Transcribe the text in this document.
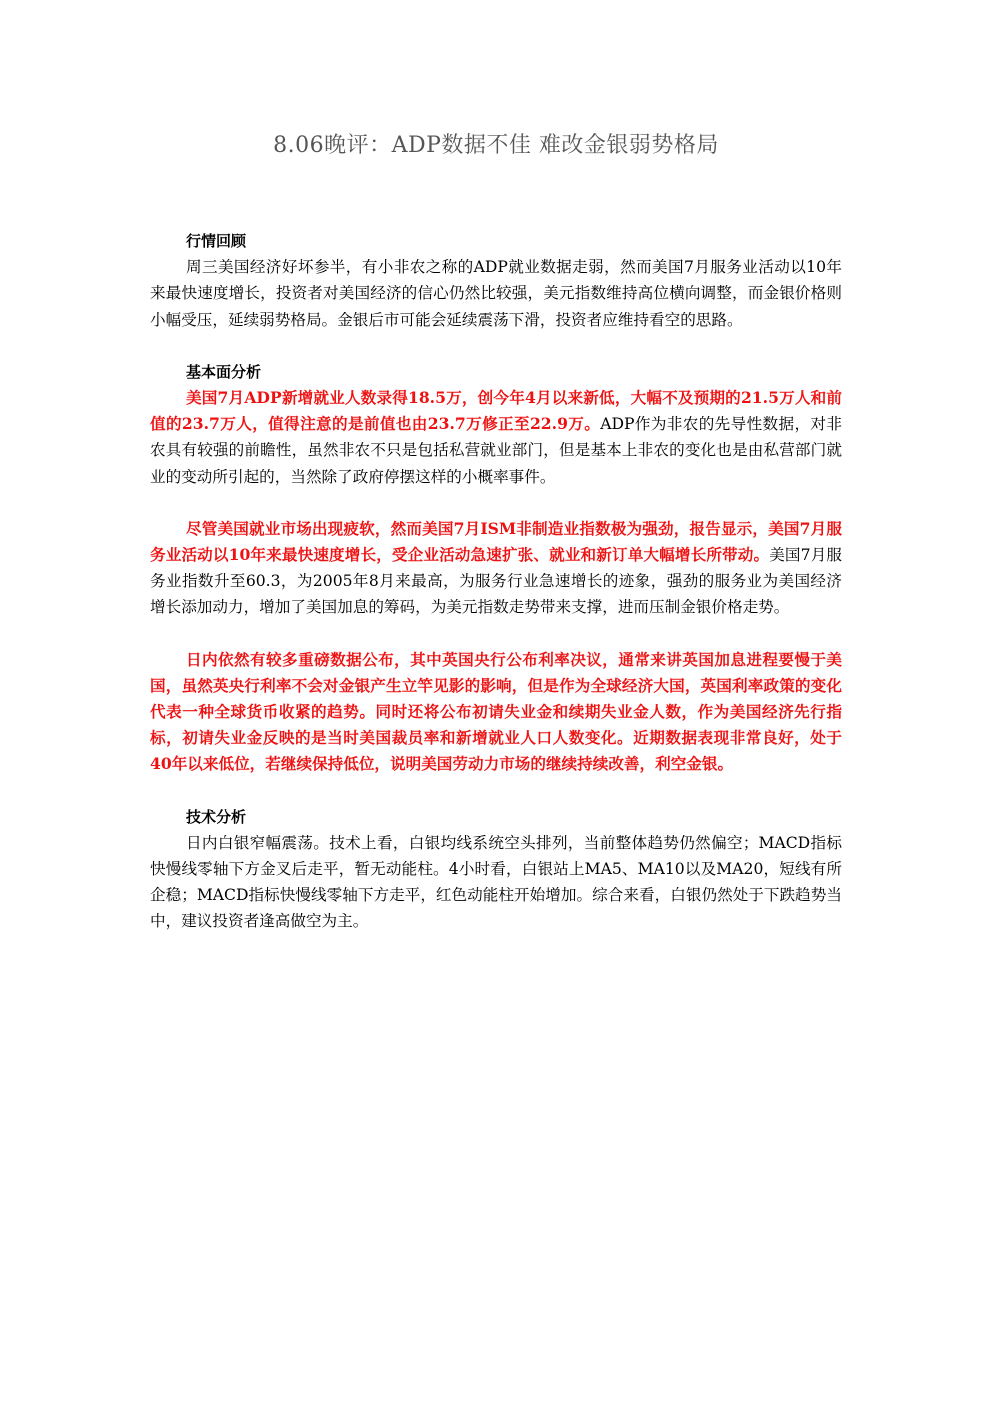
8.06晚评：ADP数据不佳 难改金银弱势格局
行情回顾

周三美国经济好坏参半，有小非农之称的ADP就业数据走弱，然而美国7月服务业活动以10年来最快速度增长，投资者对美国经济的信心仍然比较强，美元指数维持高位横向调整，而金银价格则小幅受压，延续弱势格局。金银后市可能会延续震荡下滑，投资者应维持看空的思路。

基本面分析

美国7月ADP新增就业人数录得18.5万，创今年4月以来新低，大幅不及预期的21.5万人和前值的23.7万人，值得注意的是前值也由23.7万修正至22.9万。ADP作为非农的先导性数据，对非农具有较强的前瞻性，虽然非农不只是包括私营就业部门，但是基本上非农的变化也是由私营部门就业的变动所引起的，当然除了政府停摆这样的小概率事件。

尽管美国就业市场出现疲软，然而美国7月ISM非制造业指数极为强劲，报告显示，美国7月服务业活动以10年来最快速度增长，受企业活动急速扩张、就业和新订单大幅增长所带动。美国7月服务业指数升至60.3，为2005年8月来最高，为服务行业急速增长的迹象，强劲的服务业为美国经济增长添加动力，增加了美国加息的筹码，为美元指数走势带来支撑，进而压制金银价格走势。

日内依然有较多重磅数据公布，其中英国央行公布利率决议，通常来讲英国加息进程要慢于美国，虽然英央行利率不会对金银产生立竿见影的影响，但是作为全球经济大国，英国利率政策的变化代表一种全球货币收紧的趋势。同时还将公布初请失业金和续期失业金人数，作为美国经济先行指标，初请失业金反映的是当时美国裁员率和新增就业人口人数变化。近期数据表现非常良好，处于40年以来低位，若继续保持低位，说明美国劳动力市场的继续持续改善，利空金银。

技术分析

日内白银窄幅震荡。技术上看，白银均线系统空头排列，当前整体趋势仍然偏空；MACD指标快慢线零轴下方金叉后走平，暂无动能柱。4小时看，白银站上MA5、MA10以及MA20，短线有所企稳；MACD指标快慢线零轴下方走平，红色动能柱开始增加。综合来看，白银仍然处于下跌趋势当中，建议投资者逢高做空为主。
